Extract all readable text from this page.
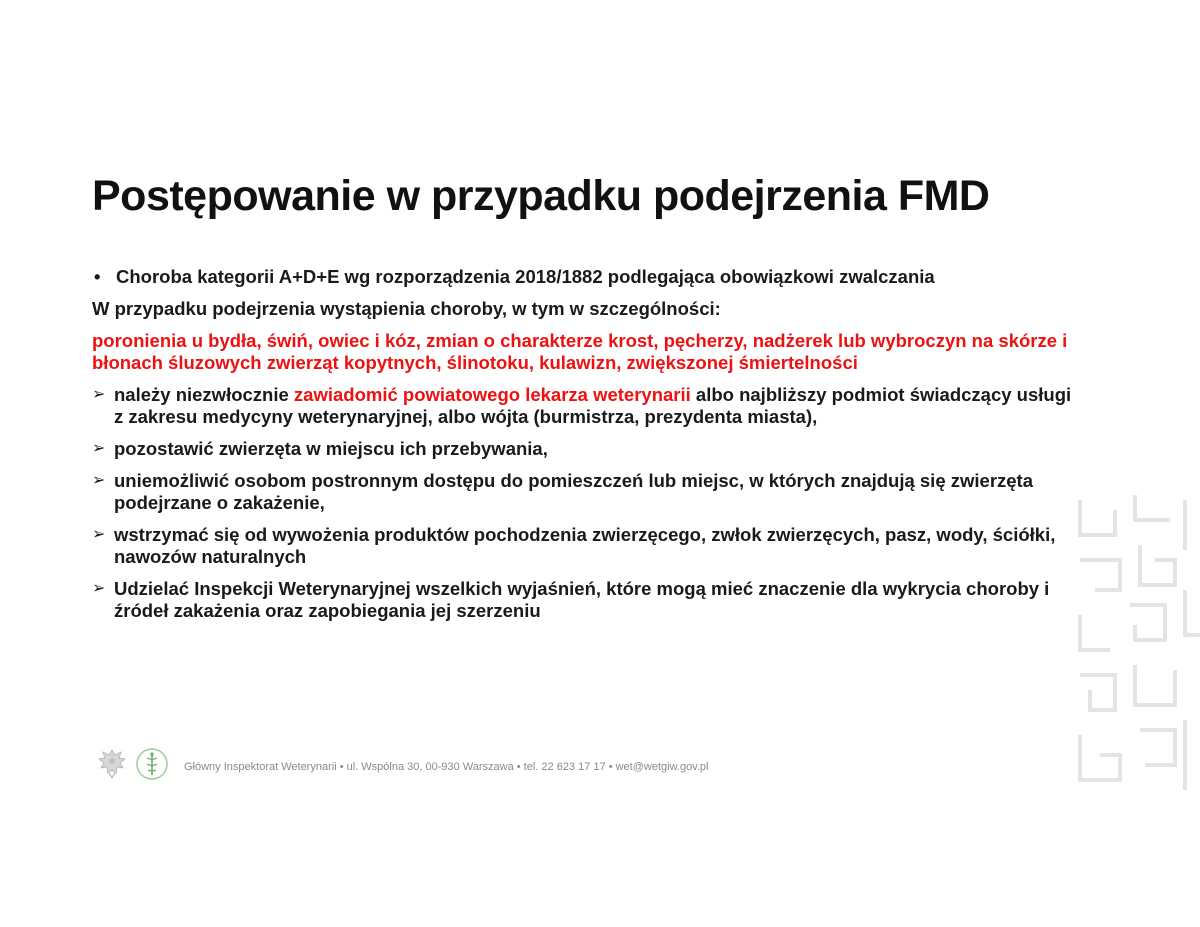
Postępowanie w przypadku podejrzenia FMD
• Choroba kategorii A+D+E wg rozporządzenia 2018/1882 podlegająca obowiązkowi zwalczania

W przypadku podejrzenia wystąpienia choroby, w tym w szczególności:

poronienia u bydła, świń, owiec i kóz, zmian o charakterze krost, pęcherzy, nadżerek lub wybroczyn na skórze i błonach śluzowych zwierząt kopytnych, ślinotoku, kulawizn, zwiększonej śmiertelności

➢ należy niezwłocznie zawiadomić powiatowego lekarza weterynarii albo najbliższy podmiot świadczący usługi z zakresu medycyny weterynaryjnej, albo wójta (burmistrza, prezydenta miasta),
➢ pozostawić zwierzęta w miejscu ich przebywania,
➢ uniemożliwić osobom postronnym dostępu do pomieszczeń lub miejsc, w których znajdują się zwierzęta podejrzane o zakażenie,
➢ wstrzymać się od wywożenia produktów pochodzenia zwierzęcego, zwłok zwierzęcych, pasz, wody, ściółki, nawozów naturalnych
➢ Udzielać Inspekcji Weterynaryjnej wszelkich wyjaśnień, które mogą mieć znaczenie dla wykrycia choroby i źródeł zakażenia oraz zapobiegania jej szerzeniu
Główny Inspektorat Weterynarii • ul. Wspólna 30, 00-930 Warszawa • tel. 22 623 17 17 • wet@wetgiw.gov.pl
